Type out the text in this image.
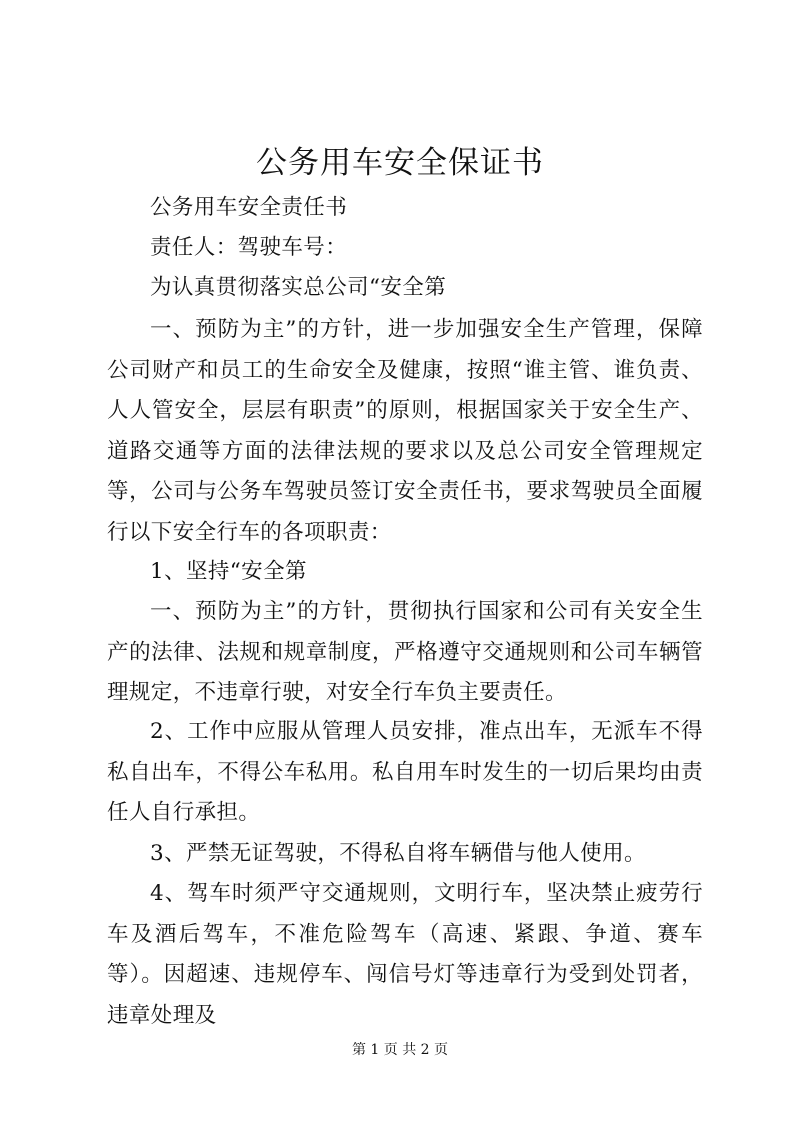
公务用车安全保证书

公务用车安全责任书

责任人：驾驶车号：

为认真贯彻落实总公司“安全第

一、预防为主”的方针，进一步加强安全生产管理，保障公司财产和员工的生命安全及健康，按照“谁主管、谁负责、人人管安全，层层有职责”的原则，根据国家关于安全生产、道路交通等方面的法律法规的要求以及总公司安全管理规定等，公司与公务车驾驶员签订安全责任书，要求驾驶员全面履行以下安全行车的各项职责：

1、坚持“安全第

一、预防为主”的方针，贯彻执行国家和公司有关安全生产的法律、法规和规章制度，严格遵守交通规则和公司车辆管理规定，不违章行驶，对安全行车负主要责任。

2、工作中应服从管理人员安排，准点出车，无派车不得私自出车，不得公车私用。私自用车时发生的一切后果均由责任人自行承担。

3、严禁无证驾驶，不得私自将车辆借与他人使用。

4、驾车时须严守交通规则，文明行车，坚决禁止疲劳行车及酒后驾车，不准危险驾车（高速、紧跟、争道、赛车等）。因超速、违规停车、闯信号灯等违章行为受到处罚者，违章处理及

第 1 页 共 2 页
